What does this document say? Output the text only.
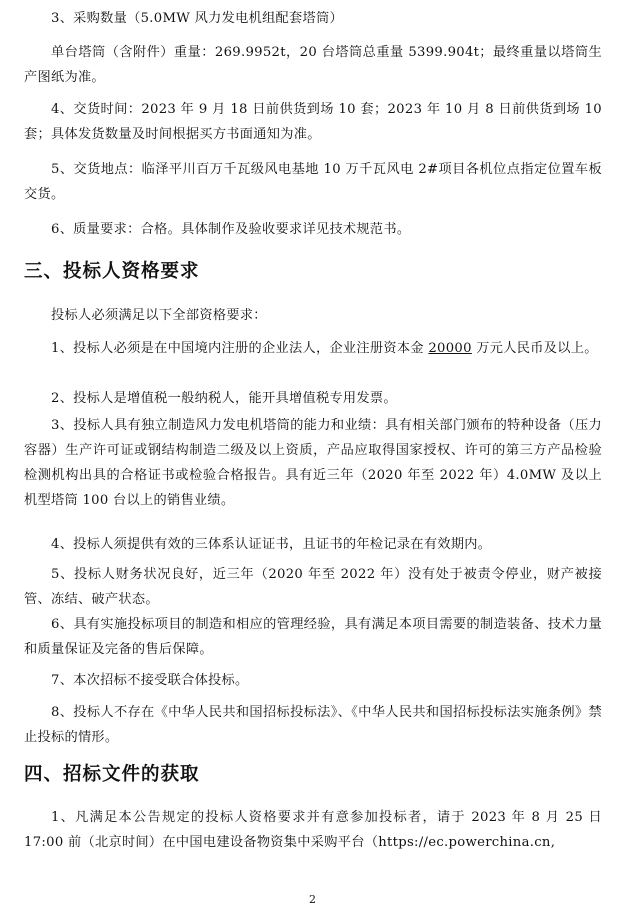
3、采购数量（5.0MW 风力发电机组配套塔筒）

单台塔筒（含附件）重量：269.9952t，20 台塔筒总重量 5399.904t；最终重量以塔筒生产图纸为准。

4、交货时间：2023 年 9 月 18 日前供货到场 10 套；2023 年 10 月 8 日前供货到场 10 套；具体发货数量及时间根据买方书面通知为准。

5、交货地点：临泽平川百万千瓦级风电基地 10 万千瓦风电 2#项目各机位点指定位置车板交货。

6、质量要求：合格。具体制作及验收要求详见技术规范书。

三、投标人资格要求

投标人必须满足以下全部资格要求：

1、投标人必须是在中国境内注册的企业法人，企业注册资本金 20000 万元人民币及以上。

2、投标人是增值税一般纳税人，能开具增值税专用发票。

3、投标人具有独立制造风力发电机塔筒的能力和业绩：具有相关部门颁布的特种设备（压力容器）生产许可证或钢结构制造二级及以上资质，产品应取得国家授权、许可的第三方产品检验检测机构出具的合格证书或检验合格报告。具有近三年（2020 年至 2022 年）4.0MW 及以上机型塔筒 100 台以上的销售业绩。

4、投标人须提供有效的三体系认证证书，且证书的年检记录在有效期内。

5、投标人财务状况良好，近三年（2020 年至 2022 年）没有处于被责令停业，财产被接管、冻结、破产状态。

6、具有实施投标项目的制造和相应的管理经验，具有满足本项目需要的制造装备、技术力量和质量保证及完备的售后保障。

7、本次招标不接受联合体投标。

8、投标人不存在《中华人民共和国招标投标法》、《中华人民共和国招标投标法实施条例》禁止投标的情形。

四、招标文件的获取

1、凡满足本公告规定的投标人资格要求并有意参加投标者，请于 2023 年 8 月 25 日 17:00 前（北京时间）在中国电建设备物资集中采购平台（https://ec.powerchina.cn,

2
